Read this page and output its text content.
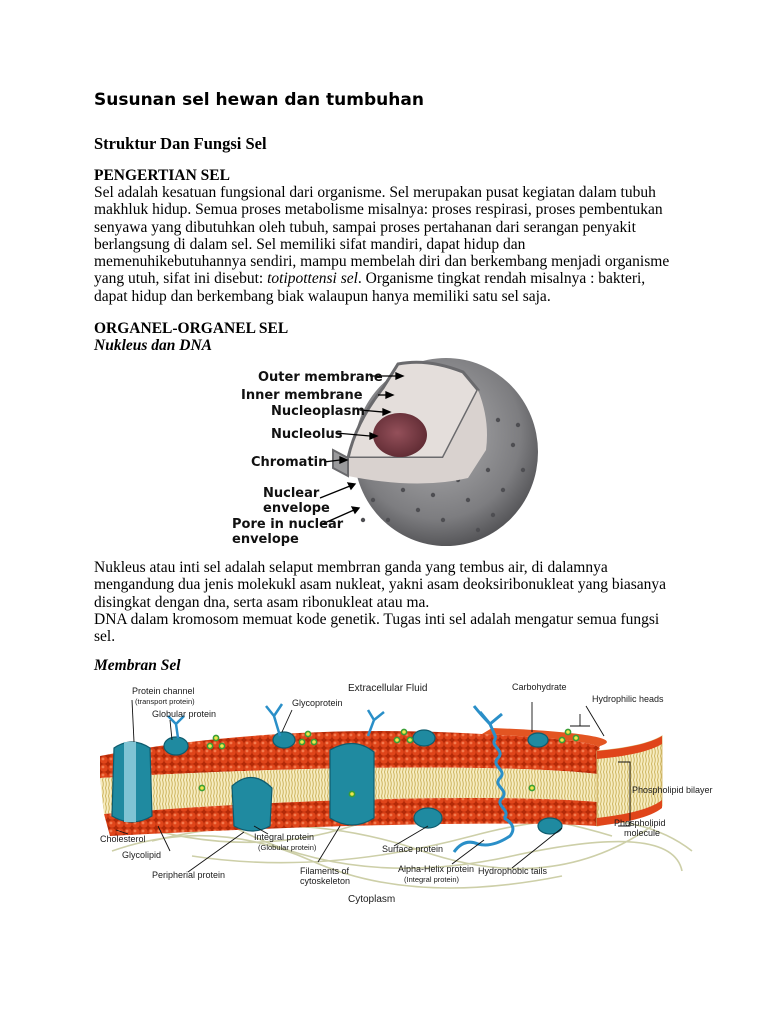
Susunan sel hewan dan tumbuhan
Struktur Dan Fungsi Sel
PENGERTIAN SEL
Sel adalah kesatuan fungsional dari organisme. Sel merupakan pusat kegiatan dalam tubuh
makhluk hidup. Semua proses metabolisme misalnya: proses respirasi, proses pembentukan
senyawa yang dibutuhkan oleh tubuh, sampai proses pertahanan dari serangan penyakit
berlangsung di dalam sel. Sel memiliki sifat mandiri, dapat hidup dan
memenuhikebutuhannya sendiri, mampu membelah diri dan berkembang menjadi organisme
yang utuh, sifat ini disebut: totipottensi sel. Organisme tingkat rendah misalnya : bakteri,
dapat hidup dan berkembang biak walaupun hanya memiliki satu sel saja.
ORGANEL-ORGANEL SEL
Nukleus dan DNA
Outer membrane
Inner membrane
Nucleoplasm
Nucleolus
Chromatin
Nuclear
envelope
Pore in nuclear
envelope
Nukleus atau inti sel adalah selaput membrran ganda yang tembus air, di dalamnya
mengandung dua jenis molekukl asam nukleat, yakni asam deoksiribonukleat yang biasanya
disingkat dengan dna, serta asam ribonukleat atau ma.
DNA dalam kromosom memuat kode genetik. Tugas inti sel adalah mengatur semua fungsi
sel.
Membran Sel
Protein channel
(transport protein)
Globular protein
Glycoprotein
Extracellular Fluid	Carbohydrate
Hydrophilic heads
Phospholipid bilayer
Phospholipid
molecule
Cholesterol
Glycolipid
Integral protein
(Globular protein)	Surface protein
Peripherial protein	Filaments of
cytoskeleton
Alpha-Helix protein
(Integral protein)
Hydrophobic tails
Cytoplasm
